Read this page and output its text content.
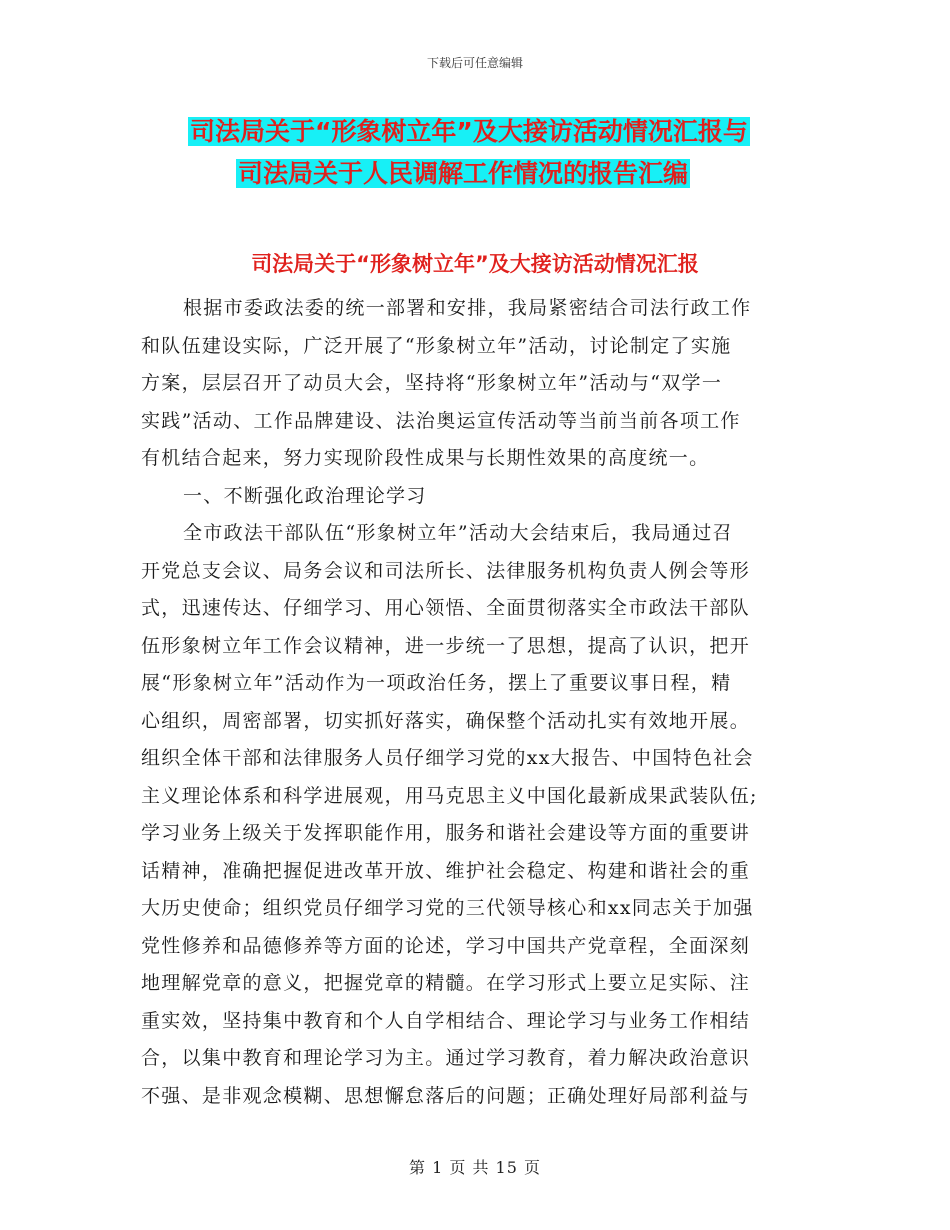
下载后可任意编辑
司法局关于“形象树立年”及大接访活动情况汇报与
司法局关于人民调解工作情况的报告汇编
司法局关于“形象树立年”及大接访活动情况汇报
根据市委政法委的统一部署和安排，我局紧密结合司法行政工作
和队伍建设实际，广泛开展了“形象树立年”活动，讨论制定了实施
方案，层层召开了动员大会，坚持将“形象树立年”活动与“双学一
实践”活动、工作品牌建设、法治奥运宣传活动等当前当前各项工作
有机结合起来，努力实现阶段性成果与长期性效果的高度统一。
一、不断强化政治理论学习
全市政法干部队伍“形象树立年”活动大会结束后，我局通过召
开党总支会议、局务会议和司法所长、法律服务机构负责人例会等形
式，迅速传达、仔细学习、用心领悟、全面贯彻落实全市政法干部队
伍形象树立年工作会议精神，进一步统一了思想，提高了认识，把开
展“形象树立年”活动作为一项政治任务，摆上了重要议事日程，精
心组织，周密部署，切实抓好落实，确保整个活动扎实有效地开展。
组织全体干部和法律服务人员仔细学习党的xx大报告、中国特色社会
主义理论体系和科学进展观，用马克思主义中国化最新成果武装队伍;
学习业务上级关于发挥职能作用，服务和谐社会建设等方面的重要讲
话精神，准确把握促进改革开放、维护社会稳定、构建和谐社会的重
大历史使命；组织党员仔细学习党的三代领导核心和xx同志关于加强
党性修养和品德修养等方面的论述，学习中国共产党章程，全面深刻
地理解党章的意义，把握党章的精髓。在学习形式上要立足实际、注
重实效，坚持集中教育和个人自学相结合、理论学习与业务工作相结
合，以集中教育和理论学习为主。通过学习教育，着力解决政治意识
不强、是非观念模糊、思想懈怠落后的问题；正确处理好局部利益与
第 1 页 共 15 页
